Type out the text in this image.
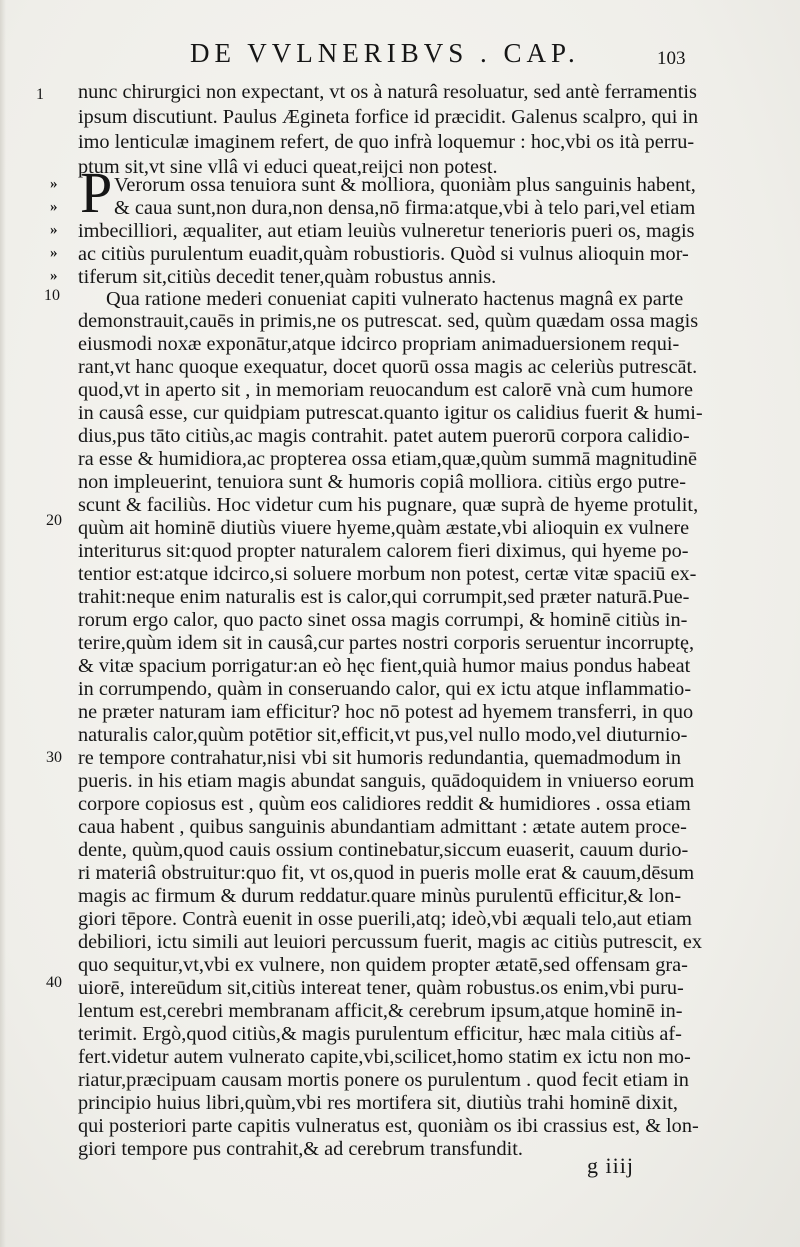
DE VVLNERIBVS . CAP.	103
1
10
20
30
40
»
»
»
»
»
P
nunc chirurgici non expectant, vt os à naturâ resoluatur, sed antè ferramentis
ipsum discutiunt. Paulus Ægineta forfice id præcidit. Galenus scalpro, qui in
imo lenticulæ imaginem refert, de quo infrà loquemur : hoc,vbi os ità perru-
ptum sit,vt sine vllâ vi educi queat,reijci non potest.
Verorum ossa tenuiora sunt & molliora, quoniàm plus sanguinis habent,
& caua sunt,non dura,non densa,nō firma:atque,vbi à telo pari,vel etiam
imbecilliori, æqualiter, aut etiam leuiùs vulneretur tenerioris pueri os, magis
ac citiùs purulentum euadit,quàm robustioris. Quòd si vulnus alioquin mor-
tiferum sit,citiùs decedit tener,quàm robustus annis.
Qua ratione mederi conueniat capiti vulnerato hactenus magnâ ex parte
demonstrauit,cauēs in primis,ne os putrescat. sed, quùm quædam ossa magis
eiusmodi noxæ exponātur,atque idcirco propriam animaduersionem requi-
rant,vt hanc quoque exequatur, docet quorū ossa magis ac celeriùs putrescāt.
quod,vt in aperto sit , in memoriam reuocandum est calorē vnà cum humore
in causâ esse, cur quidpiam putrescat.quanto igitur os calidius fuerit & humi-
dius,pus tāto citiùs,ac magis contrahit. patet autem puerorū corpora calidio-
ra esse & humidiora,ac propterea ossa etiam,quæ,quùm summā magnitudinē
non impleuerint, tenuiora sunt & humoris copiâ molliora. citiùs ergo putre-
scunt & faciliùs. Hoc videtur cum his pugnare, quæ suprà de hyeme protulit,
quùm ait hominē diutiùs viuere hyeme,quàm æstate,vbi alioquin ex vulnere
interiturus sit:quod propter naturalem calorem fieri diximus, qui hyeme po-
tentior est:atque idcirco,si soluere morbum non potest, certæ vitæ spaciū ex-
trahit:neque enim naturalis est is calor,qui corrumpit,sed præter naturā.Pue-
rorum ergo calor, quo pacto sinet ossa magis corrumpi, & hominē citiùs in-
terire,quùm idem sit in causâ,cur partes nostri corporis seruentur incorruptę,
& vitæ spacium porrigatur:an eò hęc fient,quià humor maius pondus habeat
in corrumpendo, quàm in conseruando calor, qui ex ictu atque inflammatio-
ne præter naturam iam efficitur? hoc nō potest ad hyemem transferri, in quo
naturalis calor,quùm potētior sit,efficit,vt pus,vel nullo modo,vel diuturnio-
re tempore contrahatur,nisi vbi sit humoris redundantia, quemadmodum in
pueris. in his etiam magis abundat sanguis, quādoquidem in vniuerso eorum
corpore copiosus est , quùm eos calidiores reddit & humidiores . ossa etiam
caua habent , quibus sanguinis abundantiam admittant : ætate autem proce-
dente, quùm,quod cauis ossium continebatur,siccum euaserit, cauum durio-
ri materiâ obstruitur:quo fit, vt os,quod in pueris molle erat & cauum,dēsum
magis ac firmum & durum reddatur.quare minùs purulentū efficitur,& lon-
giori tēpore. Contrà euenit in osse puerili,atq; ideò,vbi æquali telo,aut etiam
debiliori, ictu simili aut leuiori percussum fuerit, magis ac citiùs putrescit, ex
quo sequitur,vt,vbi ex vulnere, non quidem propter ætatē,sed offensam gra-
uiorē, intereūdum sit,citiùs intereat tener, quàm robustus.os enim,vbi puru-
lentum est,cerebri membranam afficit,& cerebrum ipsum,atque hominē in-
terimit. Ergò,quod citiùs,& magis purulentum efficitur, hæc mala citiùs af-
fert.videtur autem vulnerato capite,vbi,scilicet,homo statim ex ictu non mo-
riatur,præcipuam causam mortis ponere os purulentum . quod fecit etiam in
principio huius libri,quùm,vbi res mortifera sit, diutiùs trahi hominē dixit,
qui posteriori parte capitis vulneratus est, quoniàm os ibi crassius est, & lon-
giori tempore pus contrahit,& ad cerebrum transfundit.
g iiij
